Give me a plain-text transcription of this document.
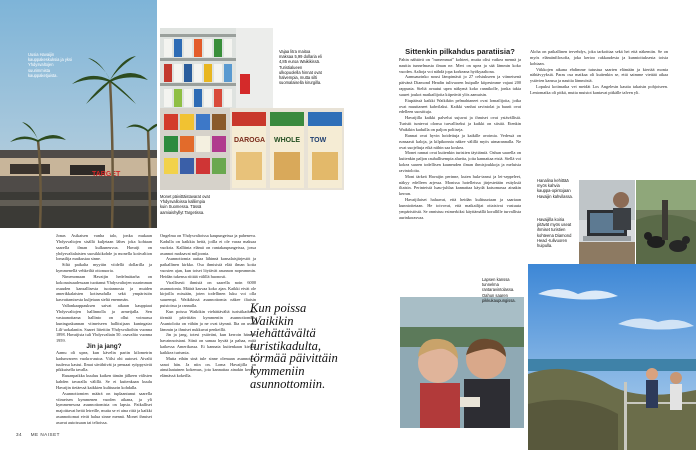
TARGET
Uusia Havaijin kauppakeskuksia ja yksi Yhdysvaltojen suurimmista kauppaketjuista.
Vajaa litra maitoa maksaa 5,99 dollaria eli 4,85 euroa Waikikissä. Turistialueen ulkopuolella hinnat ovat halvempia, mutta silti suomalaisella kirurgilla.
DAROGA WHOLE TOW
Monet päivittäistavarat ovat Yhdysvalloissa kalliimpia kuin Suomessa. Tässä aamiaishyllyt Targetissa.

Jonas Asikaisen vanha talo, jonka mukaan Yhdysvaltojen sisällä kuljetaan lähes joka kohtaan saarella ilman kulkuneuvoa. Havaiji on yhdysvaltalaisten suosikkikohde ja monella kotivaltion lomailija matkustaa sinne.

Siltä paikalta myytiin viidellä dollarilla ja kymmenellä vehkeiltä ottonuoria.

Nimenomaan Havaijin hedelmätarha on kokonaisuudessaan tuottanut Yhdysvaltojen suurimman osuuden kansallisesta tuotannosta ja muiden amerikkalaisten kotiseudulla sekä ympäristön kasvattamisesta kuljetaan sieltä enemmän.

Vallankaappauksen saivat aikaan kauppiaat Yhdysvaltojen hallinnolla ja armeijalla. Sen vastaanottama hallinto on ollut voimassa kuningaskunnan viimeiseen hallitsijaan kuningatar Liliʻuokalaniin. Saaret liitettiin Yhdysvaltoihin vuonna 1898. Havaijista tuli Yhdysvaltain 50. osavaltio vuonna 1959.

Jin ja jang?

Aamu oli upea, kun kävelin pariin kilometrin kadunvarren vuokra-autoa. Viilsi ohi autoset. Aivalti tuulessa kastui. Ilmat sävähtivät ja pensaat ryöppysivät pikkuisella tavalla.

Ruuanpaikka kuuluu kaiken tämän jälkeen välisten kahden tavaralla välillä. Se ei kuitenkaan kuulu Havaijin tietäessä kaikkien kulttuurin kohdalla.

Asunnottomien määrä on tuplaantunut saarella viimeisen kymmenen vuoden aikana, ja yli kymmenesosa asunnottomista on lapsia. Paikalliset majoittavat heitä leireille, mutta se ei aina riitä ja kaikki asunnottomat eivät halua sinne mennä. Monet ihmiset asuvat autoissaan tai teltoissa.

Ongelma on Yhdysvaltoissa kaupungeissa ja paheneva. Kadulla on kaikkia heitä, joilla ei ole varaa maksaa vuokria. Kalliinta elämä on rantakaupungeissa, jossa asunnot maksavat miljoonia.

Asunnottomia auttaa lähinnä kansalaisjärjestöt ja paikallinen kirkko. Osa ihmisistä elää ilman kotia vuosien ajan, kun toiset löytävät asunnon nopeammin. Heidän tukensa riittää välillä huonosti.

Virallisesti ihmisiä on saarella noin 6000 asunnotonta. Määrä kasvaa koko ajan. Kaikki eivät ole kirjoilla missään, joten todellinen luku voi olla suurempi. Waikikissä asunnottomia näkee iltaisin puistoissa ja rannalla.

Kun poissa Waikikin viehättävältä turistikadulta, törmää päivittäin kymmeniin asunnottomiin. Asuntoloita on vähän ja ne ovat täynnä. Ilta on usein lämmin ja ihmiset nukkuvat penkeillä.

Jin ja jang, totesi ystäväni, kun kerroin hänelle havainnoistani. Siinä on samaa hyvää ja pahaa, mitä kaikessa Amerikassa. Ei kannata kuitenkaan kieltää kaikkea turismia.

Mutta ethän sinä tule sinne olemaan asunnoton, sanoi hän. Ja niin on. Loma Havaijilla on ainutlaatuinen kokemus, jota kannattaa ainakin kerran elämässä kokeilla.

Kun poissa Waikikin viehättävältä turistikadulta, törmää päivittäin kymmeniin asunnottomiin.

Sittenkin pilkahdus paratiisia?

Pahin nähtävä on ”rumemmat” kohteet, mutta olisi vaikea mennä ja nauttia tunnelmasta ilman ne. Meri on upea ja sää lämmin koko vuoden. Aaltoja voi nähdä jopa korkeana hyökyaaltona.

Aamuaurinko nousi lämpimästi jo 27 celsiukseen ja viimeisenä päivänä Diamond Headin tulivuoren huipulle kiipesimme vajaat 200 rappusta. Sieltä avautui upea näkymä koko rannikolle, jonka takia suuret joukot matkailijoita kiipeävät ylös aamuisin.

Etupäässä kaikki Waikikiin pelmahtaneet ovat lomailijoita, jotka ovat muuttaneet kahvilaksi. Kaikki vanhat ravintolat ja baarit ovat edelleen suosittuja.

Havaijilla kaikki palvelut sujuvat ja ihmiset ovat ystävällisiä. Turistit tuntevat olonsa turvalliseksi ja kaikki on siistiä. Etenkin Waikikin kaduilla on paljon poliiseja.

Rannat ovat hyvin hoidettuja ja kaikille avoimia. Vedessä on runsaasti kaloja, ja kilpikonnia näkee välillä myös uimarannalla. Ne ovat suojeltuja eikä niihin saa koskea.

Monet rannat ovat kuitenkin turistien täyttämiä. Oahun saarella on kuitenkin paljon rauhallisempia alueita, joita kannattaa etsiä. Siellä voi kokea saaren todellisen kauneuden ilman ihmisjoukkoja ja meluisia ravintoloita.

Moni tärkeä Havaijin perinne, kuten hula-tanssi ja lei-seppeleet, näkyy edelleen arjessa. Monissa hotelleissa järjestetään esityksiä iltaisin. Perinteistä luau-juhlaa kannattaa käydä katsomassa ainakin kerran.

Havaijilaiset haluavat, että heidän kulttuuriaan ja saariaan kunnioitetaan. He toivovat, että matkailijat ottaisivat vastuuta ympäristöstä. Se onnistuu esimerkiksi käyttämällä korallille turvallista aurinkorasvaa.

Aloha on paikallinen tervehdys, joka tarkoittaa sekä hei että näkemiin. Se on myös elämänfilosofia, joka kertoo rakkaudesta ja kunnioituksesta toisia kohtaan.

Viikkojen aikana ehdimme tutustua saarten elämään ja kiertää monia nähtävyyksiä. Paras osa matkaa oli kuitenkin se, että saimme viettää aikaa ystävien kanssa ja nauttia lämmöstä.

Lopuksi kotimatka vei meidät Los Angelesin kautta takaisin pohjoiseen. Lentomatka oli pitkä, mutta muistot kantavat pitkälle talven yli.

Hanalina kehittää myös kahvia kauppa-opintojaan Havaijin kahvilassa.
Havaijilla koiria pitävät myös useat ihmiset turistien kohteena Diamond Head -tulivuoren huipulla.
Lapsen kanssa tunnelma rantaravintolassa. Oahun saaren pikkukaupungissa.
34 ME NAISET
